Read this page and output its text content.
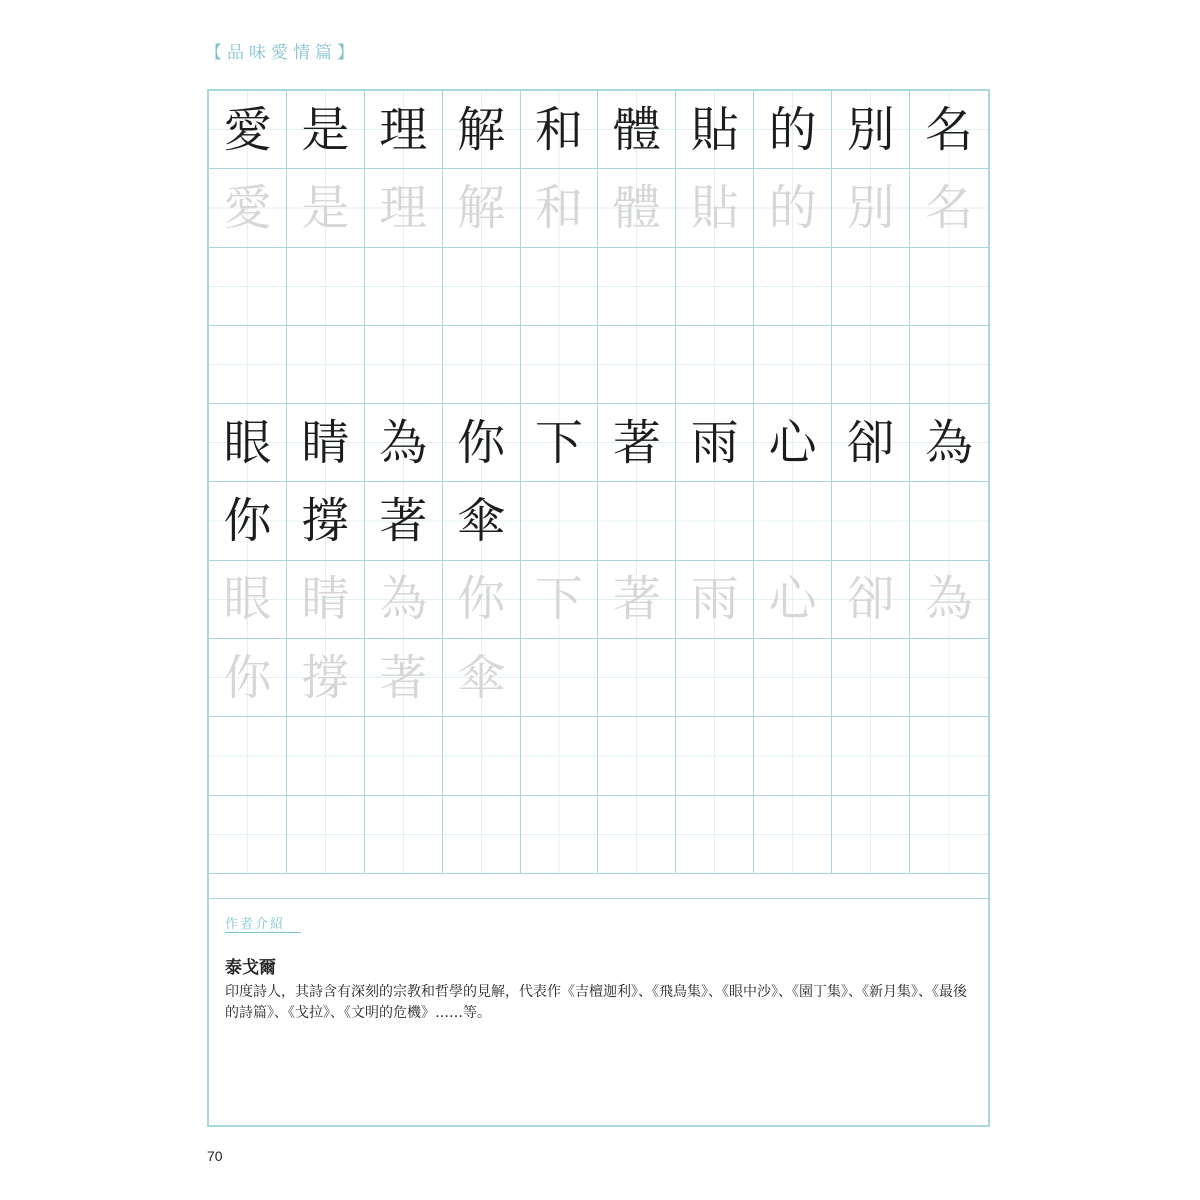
【品味愛情篇】
愛 是 理 解 和 體 貼 的 別 名
愛 是 理 解 和 體 貼 的 別 名
眼 睛 為 你 下 著 雨 心 卻 為
你 撐 著 傘
眼 睛 為 你 下 著 雨 心 卻 為
你 撐 著 傘
作者介紹
泰戈爾
印度詩人，其詩含有深刻的宗教和哲學的見解，代表作《吉檀迦利》、《飛鳥集》、《眼中沙》、《園丁集》、《新月集》、《最後的詩篇》、《戈拉》、《文明的危機》……等。
70
